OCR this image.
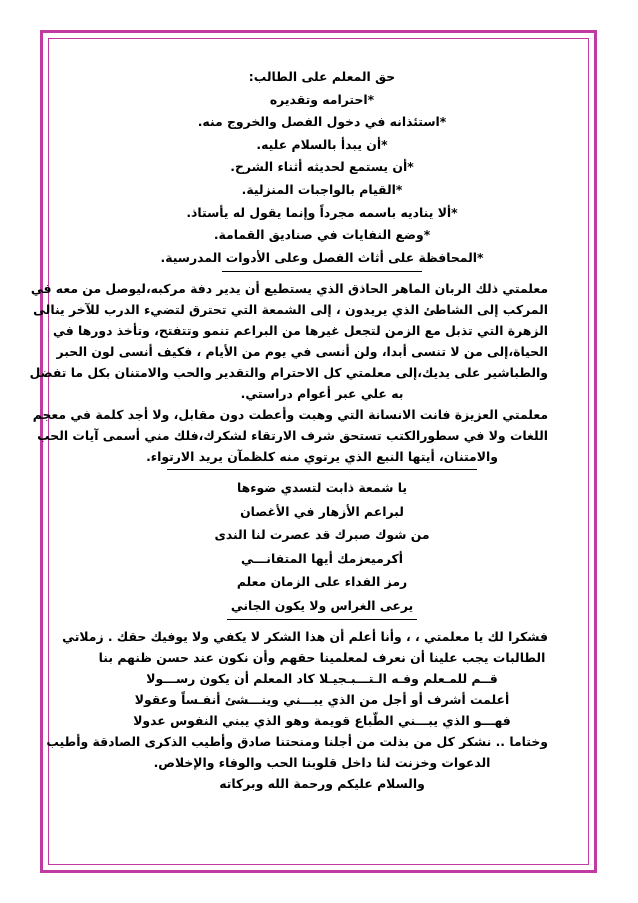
حق المعلم على الطالب:
*احترامه وتقديره
*استئذانه في دخول الفصل والخروج منه.
*أن يبدأ بالسلام عليه.
*أن يستمع لحديثه أثناء الشرح.
*القيام بالواجبات المنزلية.
*ألا يناديه باسمه مجرداً وإنما يقول له يأستاذ.
*وضع النفايات في صناديق القمامة.
*المحافظة على أثاث الفصل وعلى الأدوات المدرسية.
معلمتي ذلك الربان الماهر الحاذق الذي يستطيع أن يدير دفة مركبه،ليوصل من معه في
المركب إلى الشاطئ الذي يريدون ، إلى الشمعة التي تحترق لتضيء الدرب للآخر ينالى
الزهرة التي تذبل مع الزمن لتجعل غيرها من البراعم تنمو وتتفتح، وتأخذ دورها في
الحياة،إلى من لا تنسى أبدا، ولن أنسى في يوم من الأيام ، فكيف أنسى لون الحبر
والطباشير على يديك،إلى معلمتي كل الاحترام والتقدير والحب والامتنان بكل ما تفضل
به علي عبر أعوام دراستي.
معلمتي العزيزة فانت الانسانة التي وهبت وأعطت دون مقابل، ولا أجد كلمة في معجم
اللغات ولا في سطورالكتب تستحق شرف الارتقاء لشكرك،فلك مني أسمى آيات الحب
والامتنان، أيتها النبع الذي يرتوي منه كلظمآن يريد الارتواء.
يا شمعة ذابت لتسدي ضوءها
لبراعم الأزهار في الأغصان
من شوك صبرك قد عصرت لنا الندى
أكرميعزمك أيها المتفانـــي
رمز الفداء على الزمان معلم
يرعى الغراس ولا يكون الجاني
فشكرا لك يا معلمتي ، ، وأنا أعلم أن هذا الشكر لا يكفي ولا يوفيك حقك . زملاتي
الطالبات يجب علينا أن نعرف لمعلمينا حقهم وأن نكون عند حسن ظنهم بنا
قــم للمـعلم وفـه الـتـــبـجيـلا كاد المعلم أن يكون رســـولا
أعلمت أشرف أو أجل من الذي يبـــني وينـــشئ أنفـساً وعقولا
فهـــو الذي يبـــني الطّباع قويمة وهو الذي يبني النفوس عدولا
وختاما .. نشكر كل من بذلت من أجلنا ومنحتنا صادق وأطيب الذكرى الصادقة وأطيب
الدعوات وخزنت لنا داخل قلوبنا الحب والوفاء والإخلاص.
والسلام عليكم ورحمة الله وبركاته
